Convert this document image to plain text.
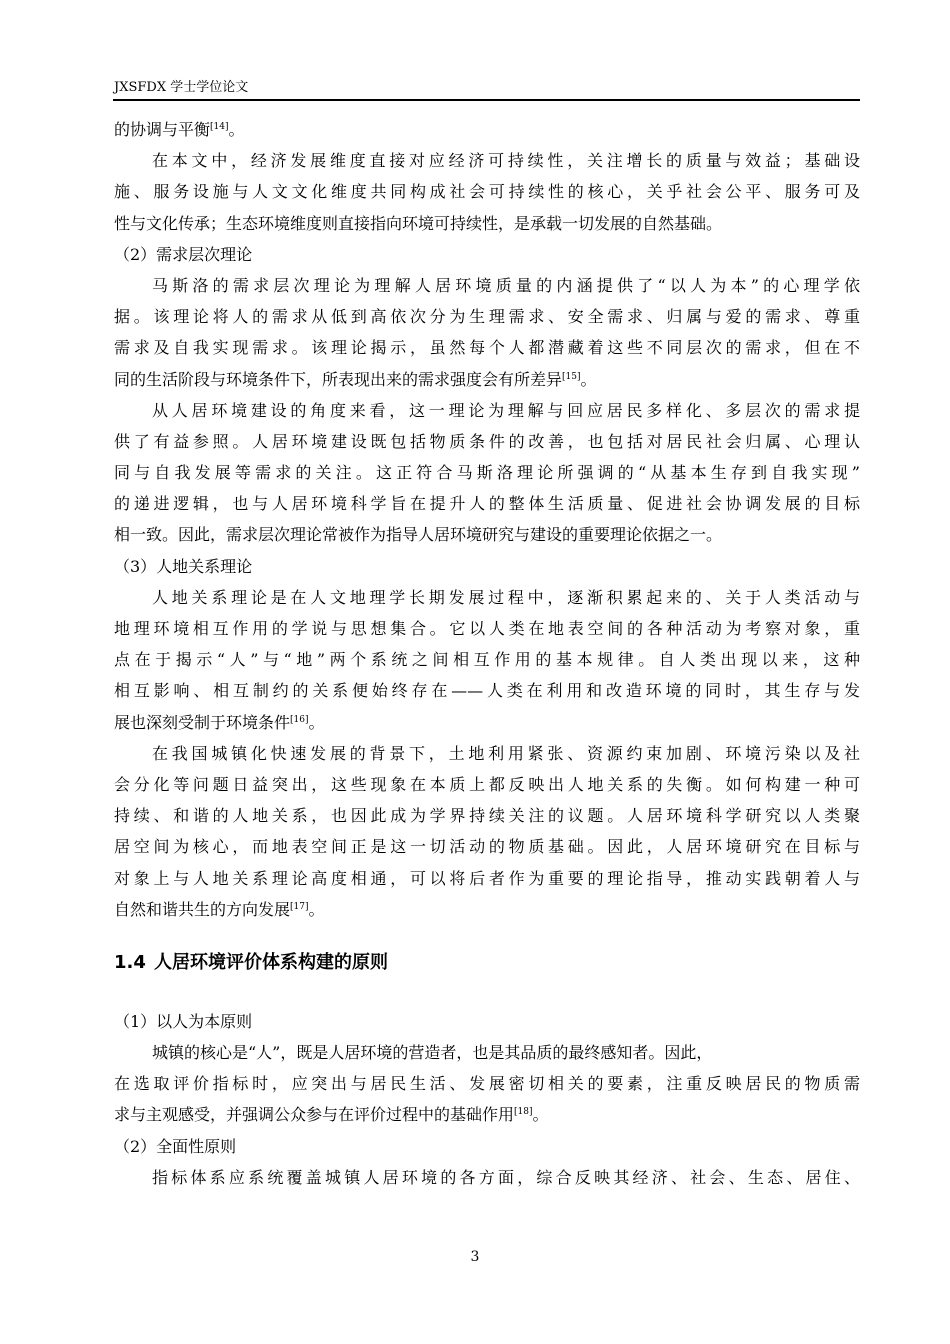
JXSFDX 学士学位论文
的协调与平衡[14]。
在本文中，经济发展维度直接对应经济可持续性，关注增长的质量与效益；基础设
施、服务设施与人文文化维度共同构成社会可持续性的核心，关乎社会公平、服务可及
性与文化传承；生态环境维度则直接指向环境可持续性，是承载一切发展的自然基础。
（2）需求层次理论
马斯洛的需求层次理论为理解人居环境质量的内涵提供了“以人为本”的心理学依
据。该理论将人的需求从低到高依次分为生理需求、安全需求、归属与爱的需求、尊重
需求及自我实现需求。该理论揭示，虽然每个人都潜藏着这些不同层次的需求，但在不
同的生活阶段与环境条件下，所表现出来的需求强度会有所差异[15]。
从人居环境建设的角度来看，这一理论为理解与回应居民多样化、多层次的需求提
供了有益参照。人居环境建设既包括物质条件的改善，也包括对居民社会归属、心理认
同与自我发展等需求的关注。这正符合马斯洛理论所强调的“从基本生存到自我实现”
的递进逻辑，也与人居环境科学旨在提升人的整体生活质量、促进社会协调发展的目标
相一致。因此，需求层次理论常被作为指导人居环境研究与建设的重要理论依据之一。
（3）人地关系理论
人地关系理论是在人文地理学长期发展过程中，逐渐积累起来的、关于人类活动与
地理环境相互作用的学说与思想集合。它以人类在地表空间的各种活动为考察对象，重
点在于揭示“人”与“地”两个系统之间相互作用的基本规律。自人类出现以来，这种
相互影响、相互制约的关系便始终存在——人类在利用和改造环境的同时，其生存与发
展也深刻受制于环境条件[16]。
在我国城镇化快速发展的背景下，土地利用紧张、资源约束加剧、环境污染以及社
会分化等问题日益突出，这些现象在本质上都反映出人地关系的失衡。如何构建一种可
持续、和谐的人地关系，也因此成为学界持续关注的议题。人居环境科学研究以人类聚
居空间为核心，而地表空间正是这一切活动的物质基础。因此，人居环境研究在目标与
对象上与人地关系理论高度相通，可以将后者作为重要的理论指导，推动实践朝着人与
自然和谐共生的方向发展[17]。
1.4 人居环境评价体系构建的原则
（1）以人为本原则
城镇的核心是“人”，既是人居环境的营造者，也是其品质的最终感知者。因此，
在选取评价指标时，应突出与居民生活、发展密切相关的要素，注重反映居民的物质需
求与主观感受，并强调公众参与在评价过程中的基础作用[18]。
（2）全面性原则
指标体系应系统覆盖城镇人居环境的各方面，综合反映其经济、社会、生态、居住、
3
